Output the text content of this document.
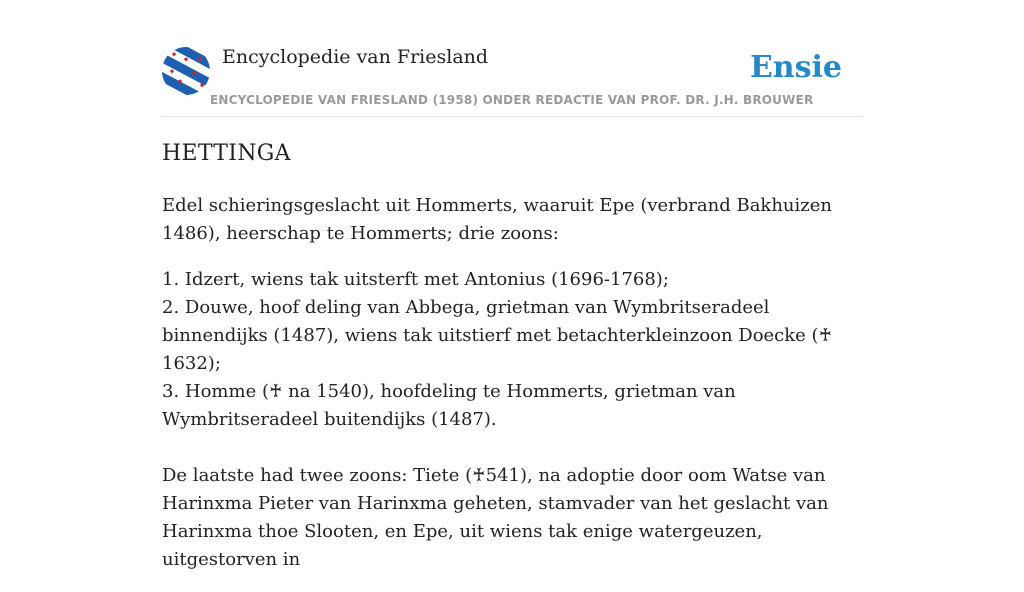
Encyclopedie van Friesland
ENCYCLOPEDIE VAN FRIESLAND (1958) ONDER REDACTIE VAN PROF. DR. J.H. BROUWER
Ensie
HETTINGA

Edel schieringsgeslacht uit Hommerts, waaruit Epe (verbrand Bakhuizen 1486), heerschap te Hommerts; drie zoons:

1. Idzert, wiens tak uitsterft met Antonius (1696-1768);
2. Douwe, hoof deling van Abbega, grietman van Wymbritseradeel binnendijks (1487), wiens tak uitstierf met betachterkleinzoon Doecke (♰ 1632);
3. Homme (♰ na 1540), hoofdeling te Hommerts, grietman van Wymbritseradeel buitendijks (1487).

De laatste had twee zoons: Tiete (♰541), na adoptie door oom Watse van Harinxma Pieter van Harinxma geheten, stamvader van het geslacht van Harinxma thoe Slooten, en Epe, uit wiens tak enige watergeuzen, uitgestorven in
